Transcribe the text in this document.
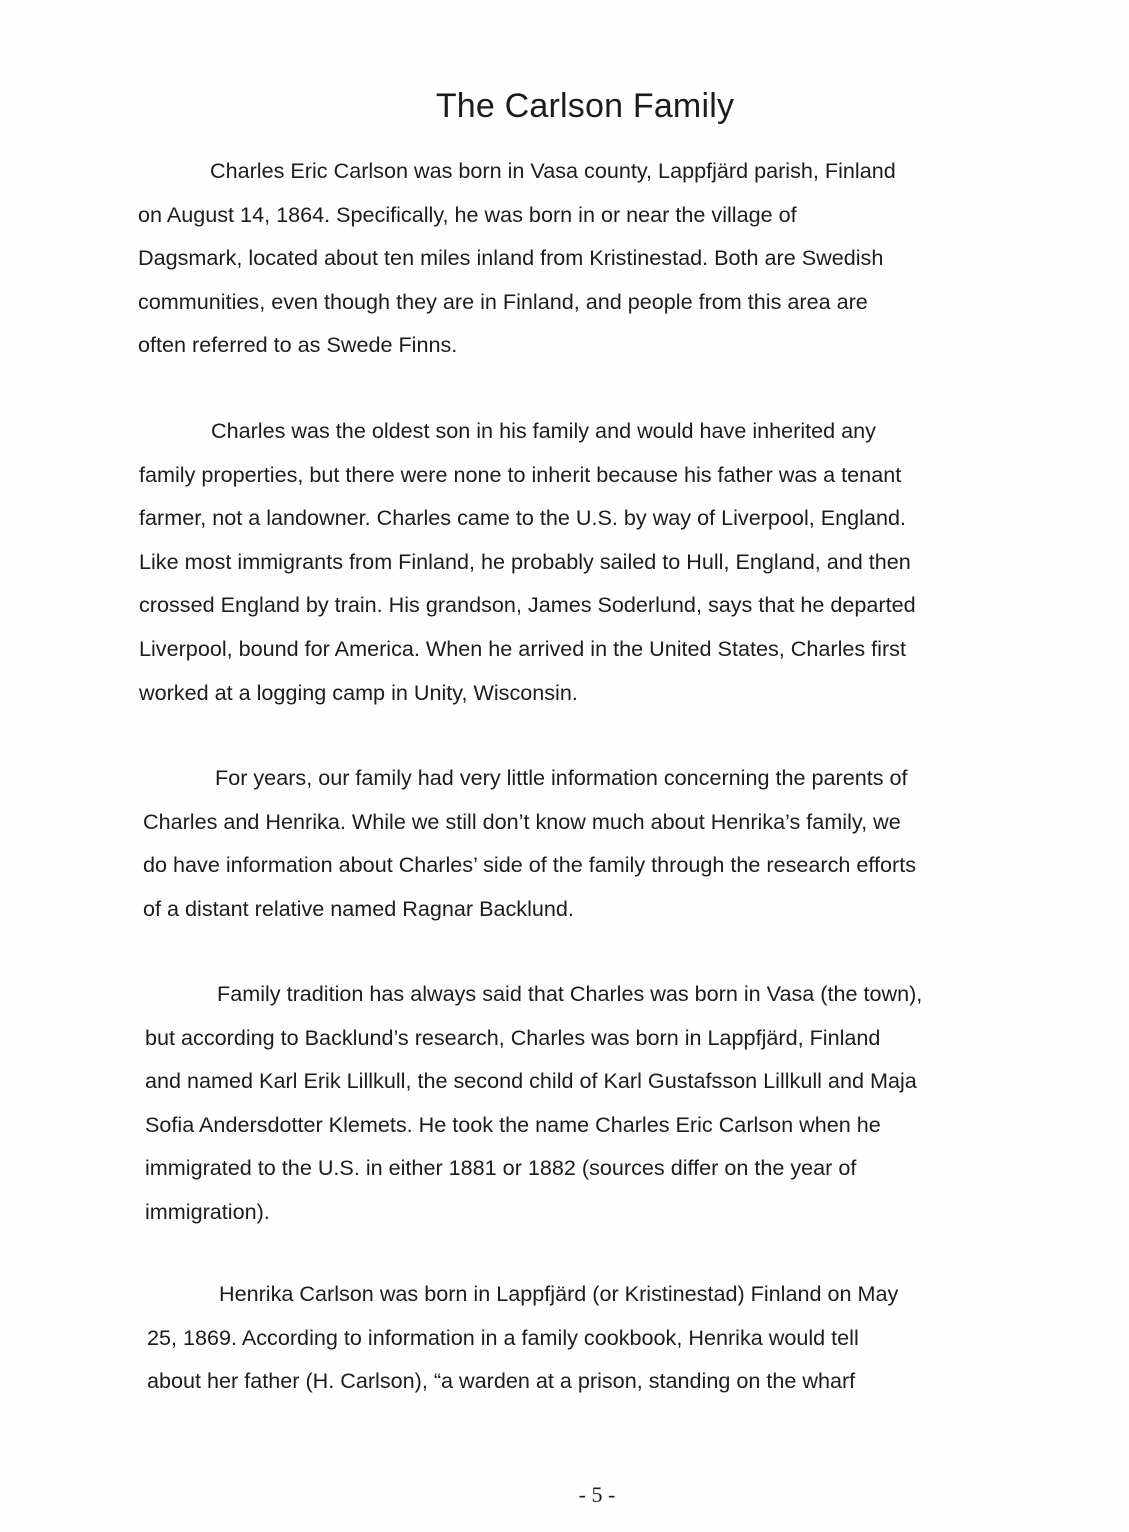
The Carlson Family
Charles Eric Carlson was born in Vasa county, Lappfjärd parish, Finland
on August 14, 1864. Specifically, he was born in or near the village of
Dagsmark, located about ten miles inland from Kristinestad. Both are Swedish
communities, even though they are in Finland, and people from this area are
often referred to as Swede Finns.
Charles was the oldest son in his family and would have inherited any
family properties, but there were none to inherit because his father was a tenant
farmer, not a landowner. Charles came to the U.S. by way of Liverpool, England.
Like most immigrants from Finland, he probably sailed to Hull, England, and then
crossed England by train. His grandson, James Soderlund, says that he departed
Liverpool, bound for America. When he arrived in the United States, Charles first
worked at a logging camp in Unity, Wisconsin.
For years, our family had very little information concerning the parents of
Charles and Henrika. While we still don’t know much about Henrika’s family, we
do have information about Charles’ side of the family through the research efforts
of a distant relative named Ragnar Backlund.
Family tradition has always said that Charles was born in Vasa (the town),
but according to Backlund’s research, Charles was born in Lappfjärd, Finland
and named Karl Erik Lillkull, the second child of Karl Gustafsson Lillkull and Maja
Sofia Andersdotter Klemets. He took the name Charles Eric Carlson when he
immigrated to the U.S. in either 1881 or 1882 (sources differ on the year of
immigration).
Henrika Carlson was born in Lappfjärd (or Kristinestad) Finland on May
25, 1869. According to information in a family cookbook, Henrika would tell
about her father (H. Carlson), “a warden at a prison, standing on the wharf

- 5 -
